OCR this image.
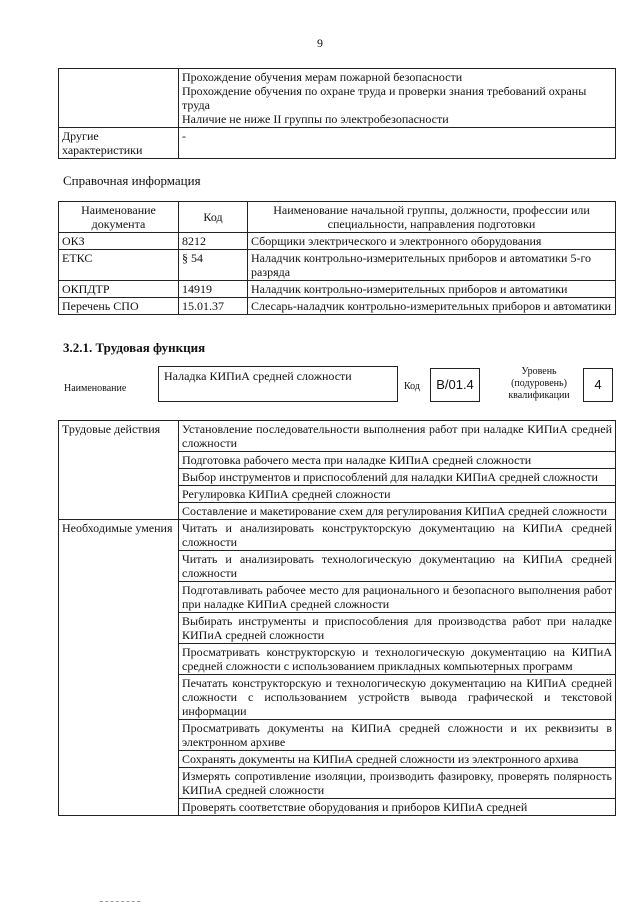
9

	Прохождение обучения мерам пожарной безопасности
Прохождение обучения по охране труда и проверки знания требований охраны труда
Наличие не ниже II группы по электробезопасности

Другие характеристики	-
Справочная информация
Наименование документа	Код	Наименование начальной группы, должности, профессии или специальности, направления подготовки
ОКЗ	8212	Сборщики электрического и электронного оборудования
ЕТКС	§ 54	Наладчик контрольно-измерительных приборов и автоматики 5-го разряда
ОКПДТР	14919	Наладчик контрольно-измерительных приборов и автоматики
Перечень СПО	15.01.37	Слесарь-наладчик контрольно-измерительных приборов и автоматики
3.2.1. Трудовая функция
Наименование
Наладка КИПиА средней сложности
Код	B/01.4
Уровень (подуровень) квалификации
4
Трудовые действия	Установление последовательности выполнения работ при наладке КИПиА средней сложности
	Подготовка рабочего места при наладке КИПиА средней сложности
	Выбор инструментов и приспособлений для наладки КИПиА средней сложности
	Регулировка КИПиА средней сложности
	Составление и макетирование схем для регулирования КИПиА средней сложности
Необходимые умения	Читать и анализировать конструкторскую документацию на КИПиА средней сложности
	Читать и анализировать технологическую документацию на КИПиА средней сложности
	Подготавливать рабочее место для рационального и безопасного выполнения работ при наладке КИПиА средней сложности
	Выбирать инструменты и приспособления для производства работ при наладке КИПиА средней сложности
	Просматривать конструкторскую и технологическую документацию на КИПиА средней сложности с использованием прикладных компьютерных программ
	Печатать конструкторскую и технологическую документацию на КИПиА средней сложности с использованием устройств вывода графической и текстовой информации
	Просматривать документы на КИПиА средней сложности и их реквизиты в электронном архиве
	Сохранять документы на КИПиА средней сложности из электронного архива
	Измерять сопротивление изоляции, производить фазировку, проверять полярность КИПиА средней сложности
	Проверять соответствие оборудования и приборов КИПиА средней
